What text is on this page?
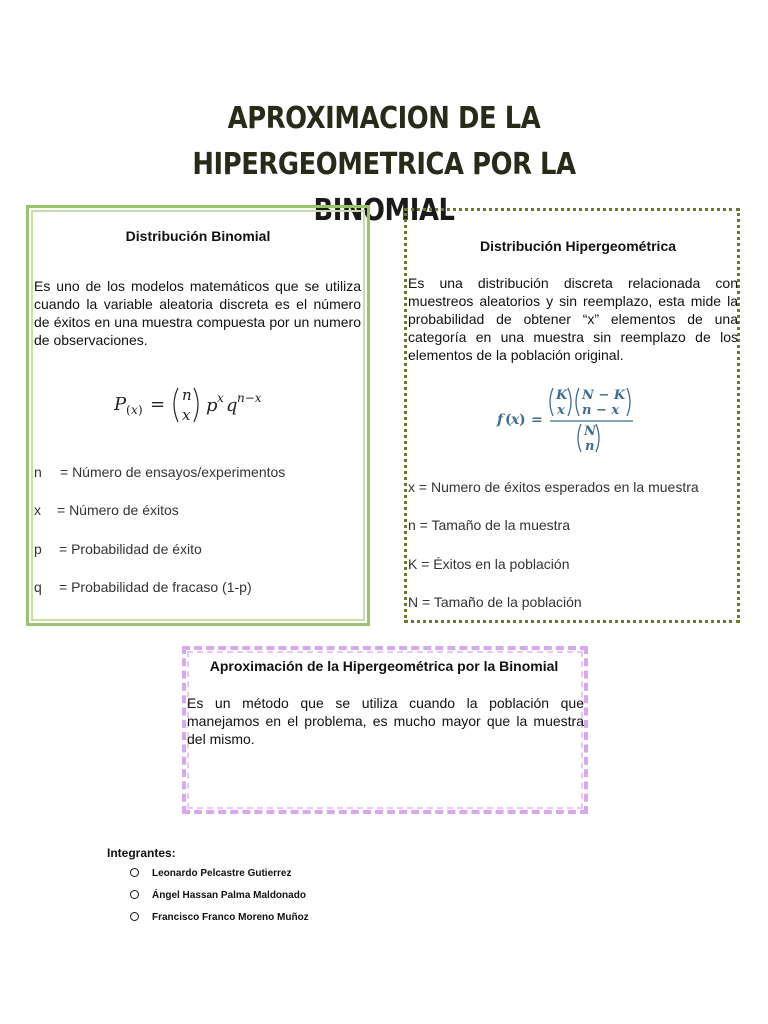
APROXIMACION DE LA HIPERGEOMETRICA POR LA
BINOMIAL
Distribución Binomial
Es uno de los modelos matemáticos que se utiliza cuando la variable aleatoria discreta es el número de éxitos en una muestra compuesta por un numero de observaciones.
P ( x ) = n
x p x q n−x
n = Número de ensayos/experimentos
x = Número de éxitos
p = Probabilidad de éxito
q = Probabilidad de fracaso (1-p)
Distribución Hipergeométrica
Es una distribución discreta relacionada con muestreos aleatorios y sin reemplazo, esta mide la probabilidad de obtener “x” elementos de una categoría en una muestra sin reemplazo de los elementos de la población original.
f ( x ) =
K
x
N − K
n − x
N
n
x = Numero de éxitos esperados en la muestra
n = Tamaño de la muestra
K = Éxitos en la población
N = Tamaño de la población
Aproximación de la Hipergeométrica por la Binomial
Es un método que se utiliza cuando la población que manejamos en el problema, es mucho mayor que la muestra del mismo.
Integrantes:
Leonardo Pelcastre Gutierrez
Ángel Hassan Palma Maldonado
Francisco Franco Moreno Muñoz
